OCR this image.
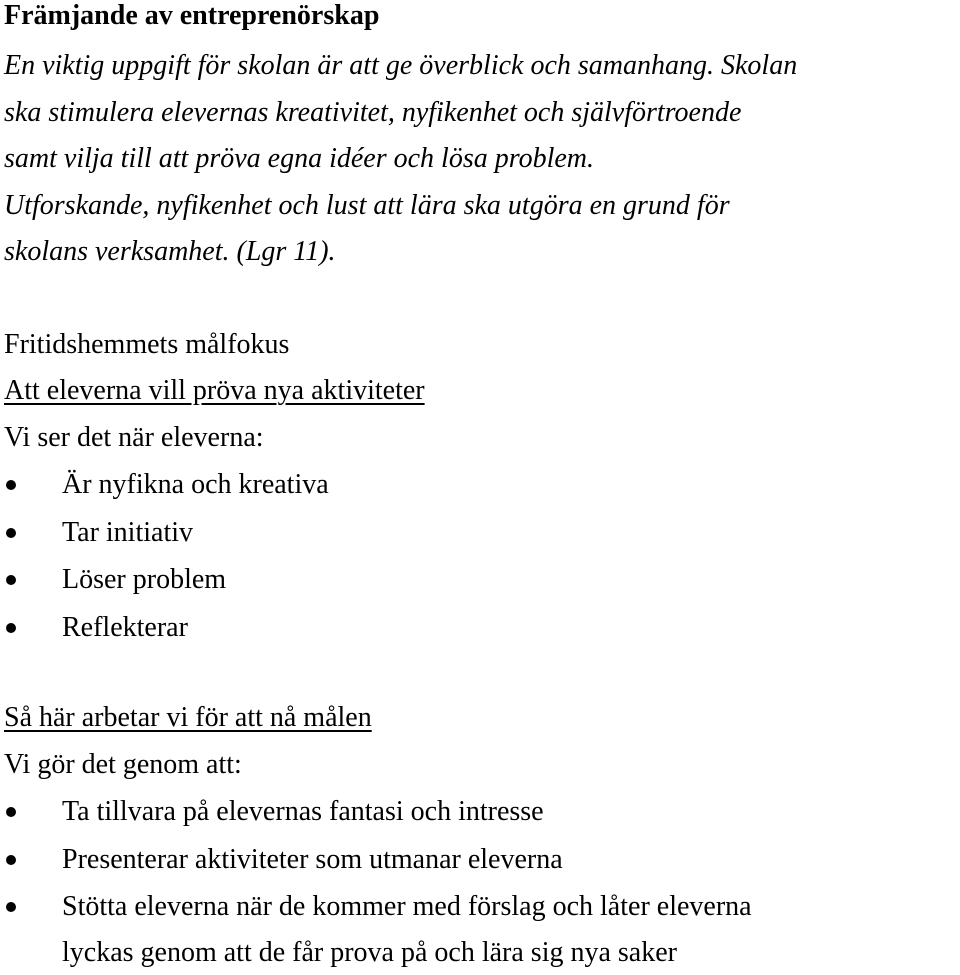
Främjande av entreprenörskap
En viktig uppgift för skolan är att ge överblick och samanhang. Skolan
ska stimulera elevernas kreativitet, nyfikenhet och självförtroende
samt vilja till att pröva egna idéer och lösa problem.
Utforskande, nyfikenhet och lust att lära ska utgöra en grund för
skolans verksamhet. (Lgr 11).
Fritidshemmets målfokus
Att eleverna vill pröva nya aktiviteter
Vi ser det när eleverna:
Är nyfikna och kreativa
Tar initiativ
Löser problem
Reflekterar
Så här arbetar vi för att nå målen
Vi gör det genom att:
Ta tillvara på elevernas fantasi och intresse
Presenterar aktiviteter som utmanar eleverna
Stötta eleverna när de kommer med förslag och låter eleverna
lyckas genom att de får prova på och lära sig nya saker
